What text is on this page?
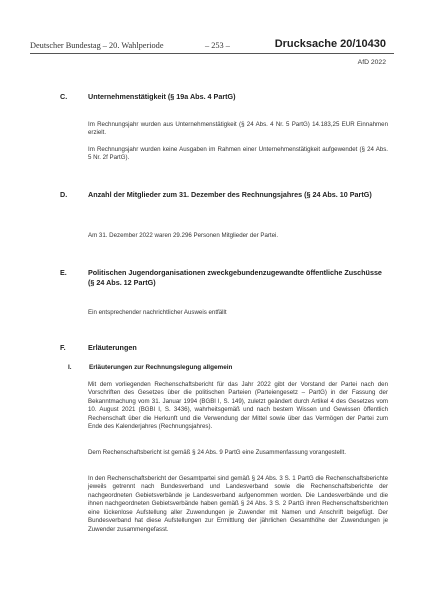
Deutscher Bundestag – 20. Wahlperiode	– 253 –	Drucksache 20/10430
AfD 2022
C.	Unternehmenstätigkeit (§ 19a Abs. 4 PartG)

Im Rechnungsjahr wurden aus Unternehmenstätigkeit (§ 24 Abs. 4 Nr. 5 PartG) 14.183,25 EUR Einnahmen erzielt.

Im Rechnungsjahr wurden keine Ausgaben im Rahmen einer Unternehmenstätigkeit aufgewendet (§ 24 Abs. 5 Nr. 2f PartG).

D.	Anzahl der Mitglieder zum 31. Dezember des Rechnungsjahres (§ 24 Abs. 10 PartG)

Am 31. Dezember 2022 waren 29.296 Personen Mitglieder der Partei.

E.	Politischen Jugendorganisationen zweckgebundenzugewandte öffentliche Zuschüsse (§ 24 Abs. 12 PartG)

Ein entsprechender nachrichtlicher Ausweis entfällt

F.	Erläuterungen
I.	Erläuterungen zur Rechnungslegung allgemein

Mit dem vorliegenden Rechenschaftsbericht für das Jahr 2022 gibt der Vorstand der Partei nach den Vorschriften des Gesetzes über die politischen Parteien (Parteiengesetz – PartG) in der Fassung der Bekanntmachung vom 31. Januar 1994 (BGBl I, S. 149), zuletzt geändert durch Artikel 4 des Gesetzes vom 10. August 2021 (BGBl I, S. 3436), wahrheitsgemäß und nach bestem Wissen und Gewissen öffentlich Rechenschaft über die Herkunft und die Verwendung der Mittel sowie über das Vermögen der Partei zum Ende des Kalenderjahres (Rechnungsjahres).

Dem Rechenschaftsbericht ist gemäß § 24 Abs. 9 PartG eine Zusammenfassung vorangestellt.

In den Rechenschaftsbericht der Gesamtpartei sind gemäß § 24 Abs. 3 S. 1 PartG die Rechenschaftsberichte jeweils getrennt nach Bundesverband und Landesverband sowie die Rechenschaftsberichte der nachgeordneten Gebietsverbände je Landesverband aufgenommen worden. Die Landesverbände und die ihnen nachgeordneten Gebietsverbände haben gemäß § 24 Abs. 3 S. 2 PartG ihren Rechenschaftsberichten eine lückenlose Aufstellung aller Zuwendungen je Zuwender mit Namen und Anschrift beigefügt. Der Bundesverband hat diese Aufstellungen zur Ermittlung der jährlichen Gesamthöhe der Zuwendungen je Zuwender zusammengefasst.
